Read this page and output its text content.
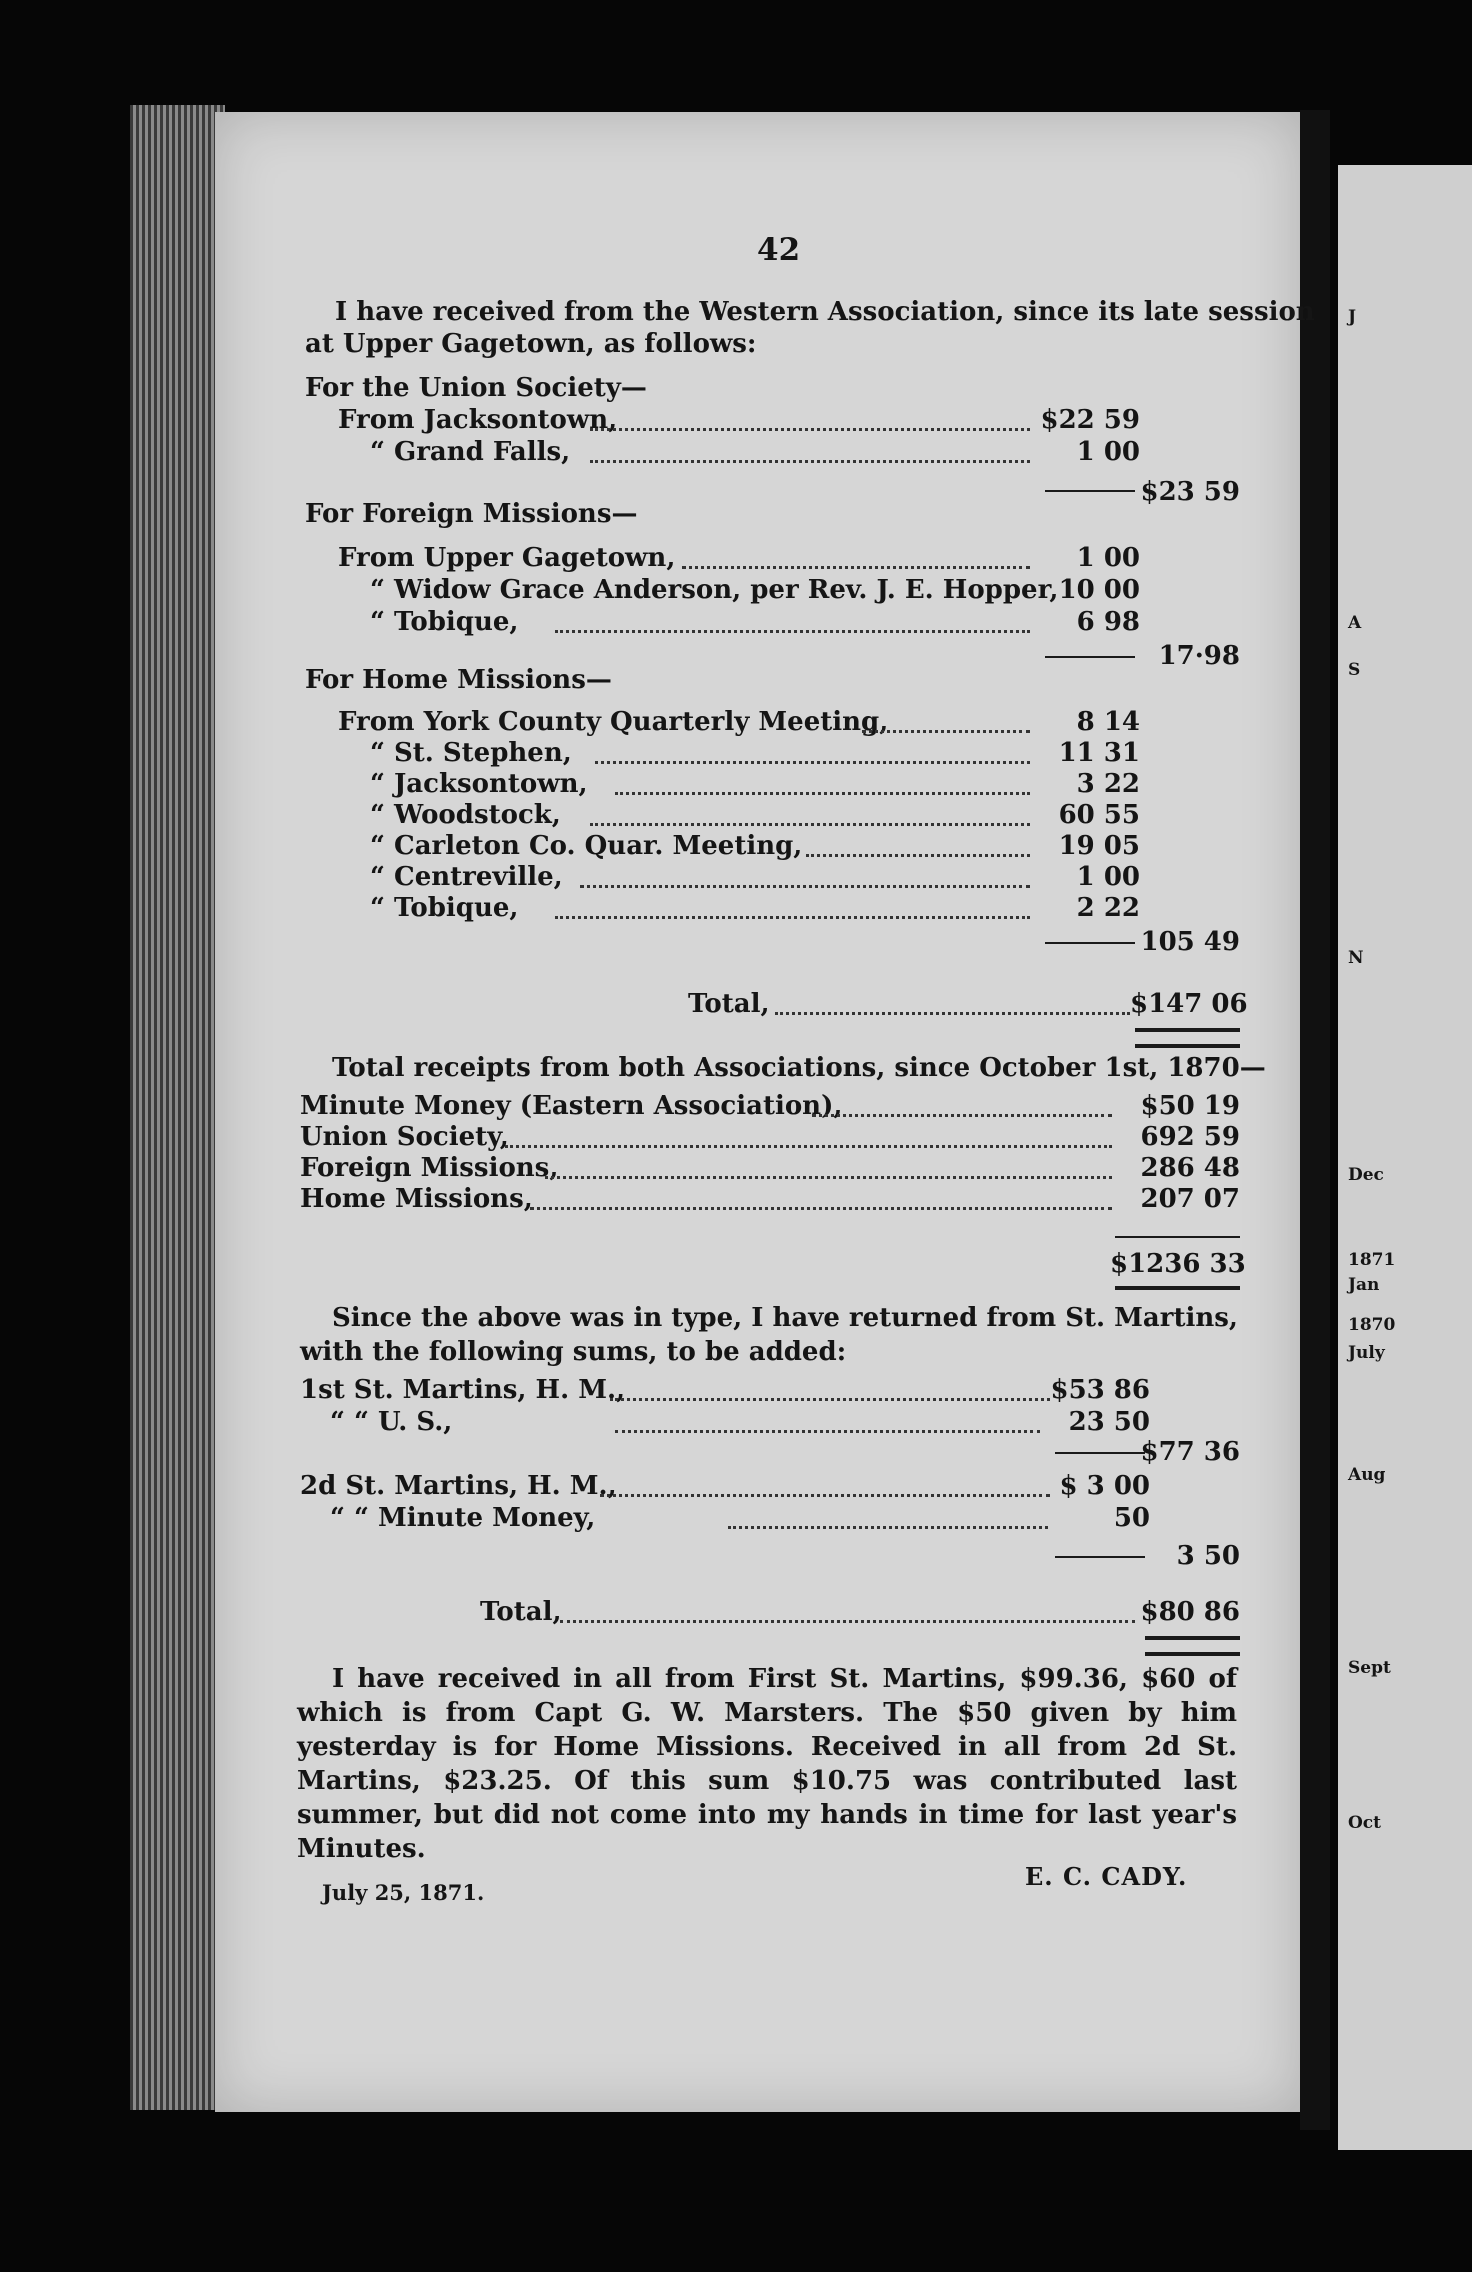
J
A
S
N
Dec
1871
Jan
1870
July
Aug
Sept
Oct
42
I have received from the Western Association, since its late session
at Upper Gagetown, as follows:
For the Union Society—
From Jacksontown,	$22 59
“ Grand Falls,	1 00
$23 59
For Foreign Missions—
From Upper Gagetown,	1 00
“ Widow Grace Anderson, per Rev. J. E. Hopper, 10 00
“ Tobique,	6 98
17·98
For Home Missions—
From York County Quarterly Meeting,	8 14
“ St. Stephen,	11 31
“ Jacksontown,	3 22
“ Woodstock,	60 55
“ Carleton Co. Quar. Meeting,	19 05
“ Centreville,	1 00
“ Tobique,	2 22
105 49
Total,	$147 06
Total receipts from both Associations, since October 1st, 1870—
Minute Money (Eastern Association),	$50 19
Union Society,	692 59
Foreign Missions,	286 48
Home Missions,	207 07
$1236 33
Since the above was in type, I have returned from St. Martins,
with the following sums, to be added:
1st St. Martins, H. M.,	$53 86
“ “ U. S.,	23 50
$77 36
2d St. Martins, H. M.,	$ 3 00
“ “ Minute Money,	50
3 50
Total,	$80 86
I have received in all from First St. Martins, $99.36, $60 of which is from Capt G. W. Marsters. The $50 given by him yesterday is for Home Missions. Received in all from 2d St. Martins, $23.25. Of this sum $10.75 was contributed last summer, but did not come into my hands in time for last year's Minutes.
July 25, 1871.
E. C. CADY.
